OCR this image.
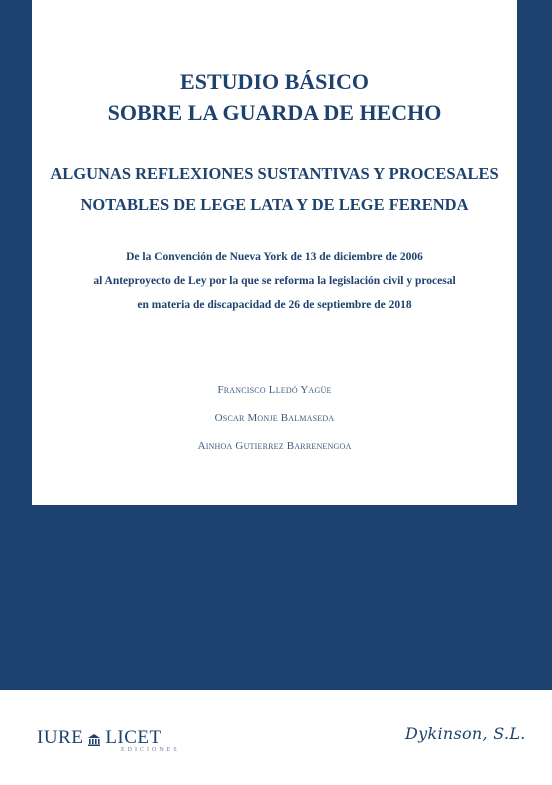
ESTUDIO BÁSICO
SOBRE LA GUARDA DE HECHO
ALGUNAS REFLEXIONES SUSTANTIVAS Y PROCESALES
NOTABLES DE LEGE LATA Y DE LEGE FERENDA
De la Convención de Nueva York de 13 de diciembre de 2006
al Anteproyecto de Ley por la que se reforma la legislación civil y procesal
en materia de discapacidad de 26 de septiembre de 2018
Francisco Lledó Yagüe
Oscar Monje Balmaseda
Ainhoa Gutierrez Barrenengoa
IURE LICET
EDICIONES
Dykinson, S.L.
